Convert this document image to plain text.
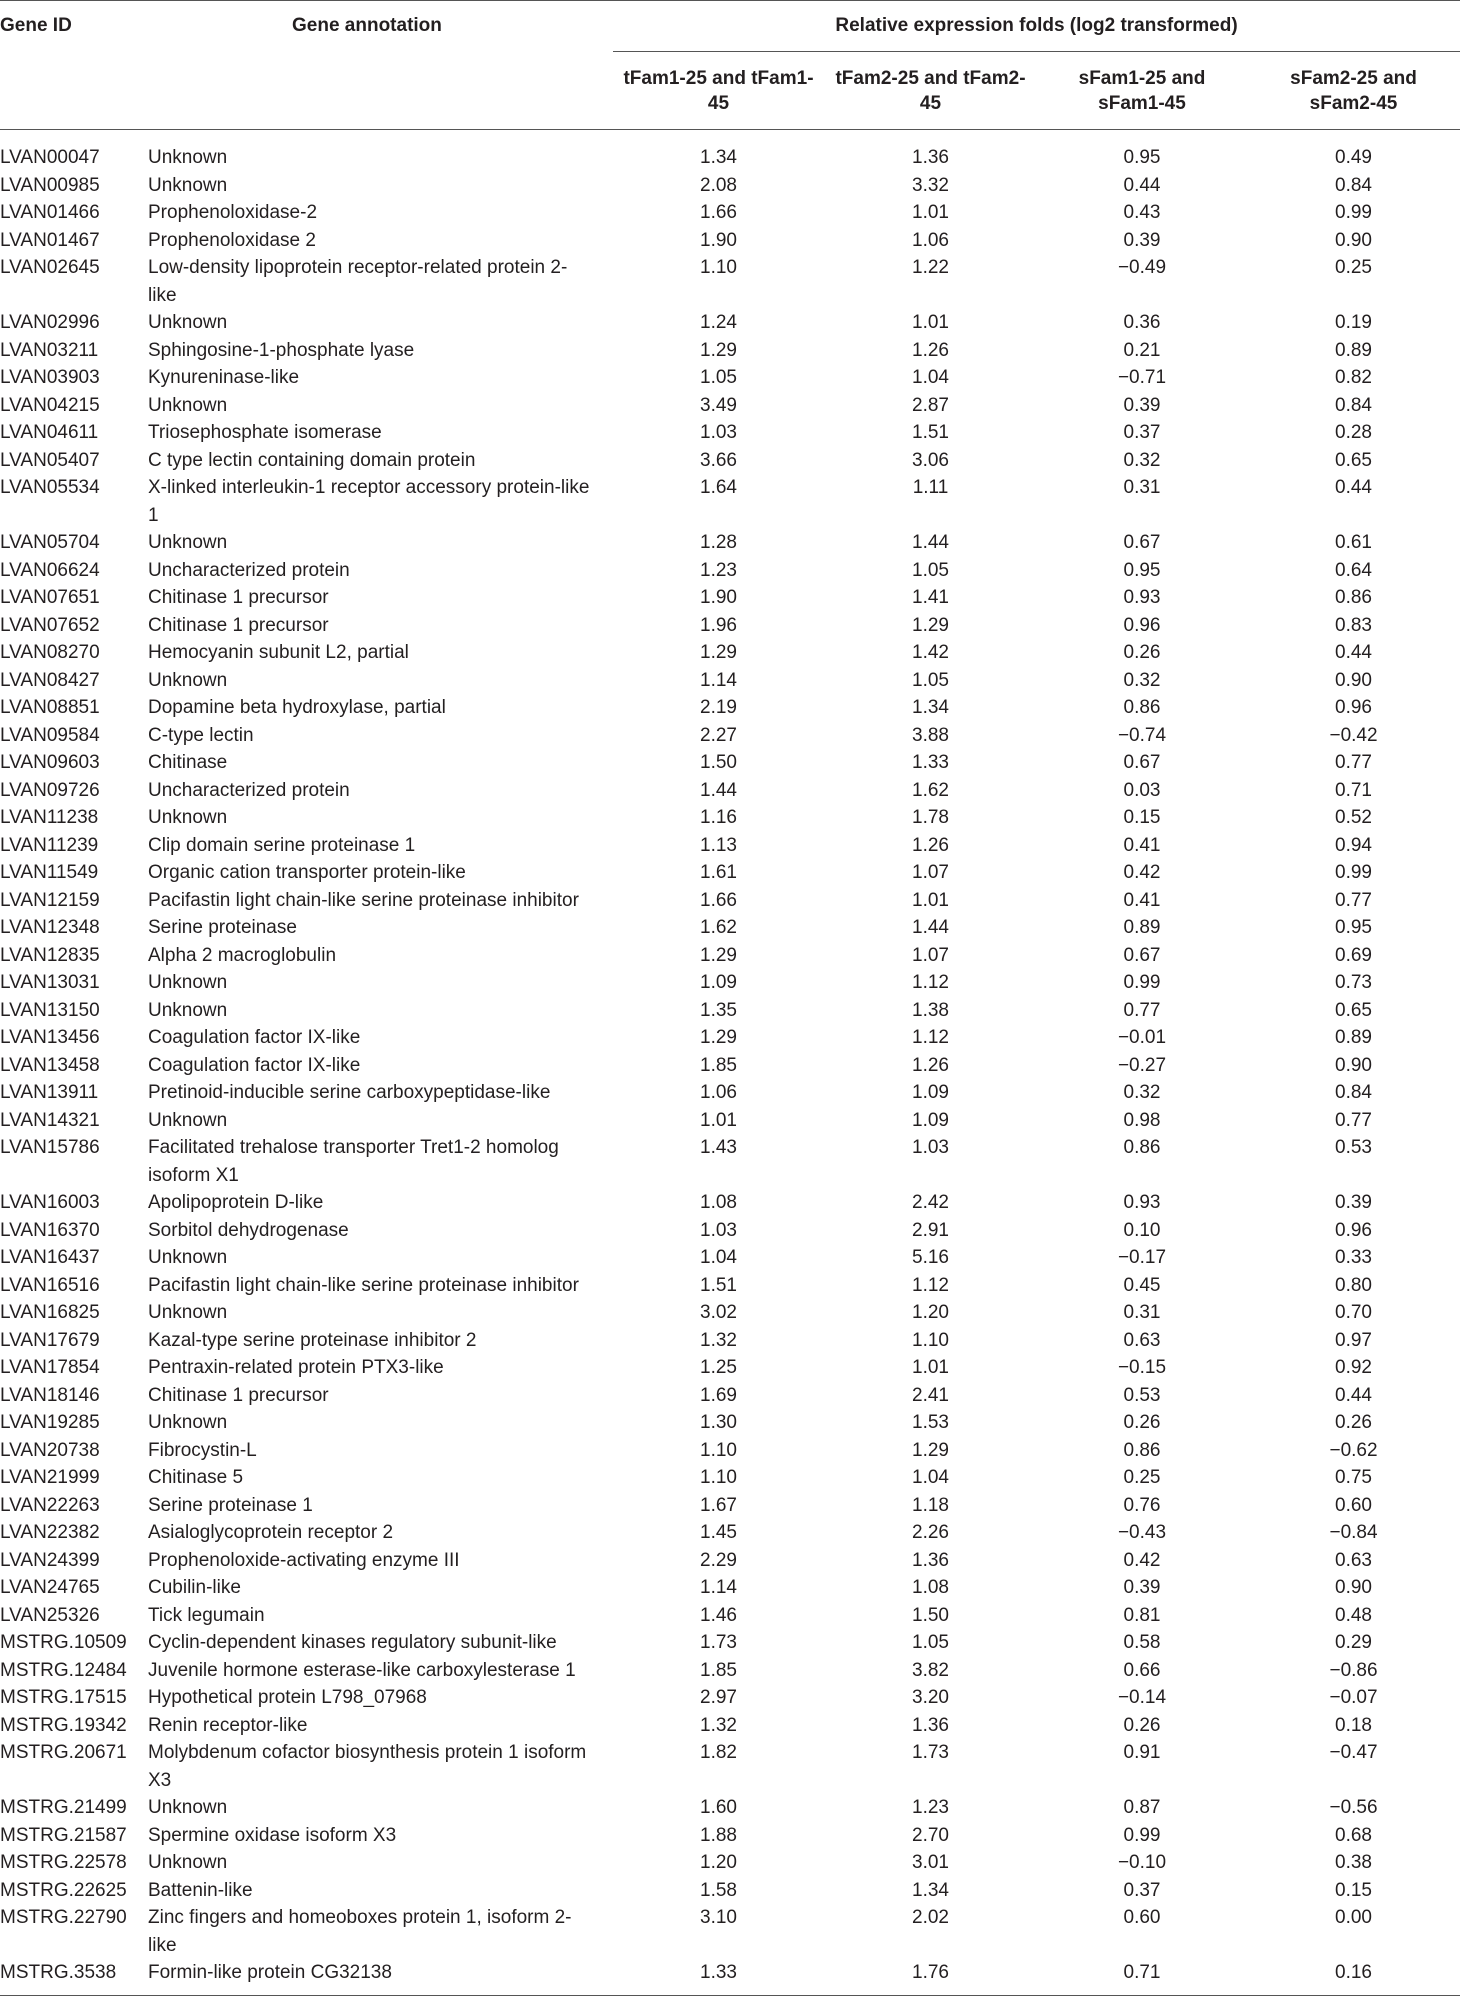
Gene ID	Gene annotation	Relative expression folds (log2 transformed)			
		tFam1-25 and tFam1-45	tFam2-25 and tFam2-45	sFam1-25 and sFam1-45	sFam2-25 and sFam2-45
LVAN00047	Unknown	1.34	1.36	0.95	0.49
LVAN00985	Unknown	2.08	3.32	0.44	0.84
LVAN01466	Prophenoloxidase-2	1.66	1.01	0.43	0.99
LVAN01467	Prophenoloxidase 2	1.90	1.06	0.39	0.90
LVAN02645	Low-density lipoprotein receptor-related protein 2-like	1.10	1.22	−0.49	0.25
LVAN02996	Unknown	1.24	1.01	0.36	0.19
LVAN03211	Sphingosine-1-phosphate lyase	1.29	1.26	0.21	0.89
LVAN03903	Kynureninase-like	1.05	1.04	−0.71	0.82
LVAN04215	Unknown	3.49	2.87	0.39	0.84
LVAN04611	Triosephosphate isomerase	1.03	1.51	0.37	0.28
LVAN05407	C type lectin containing domain protein	3.66	3.06	0.32	0.65
LVAN05534	X-linked interleukin-1 receptor accessory protein-like 1	1.64	1.11	0.31	0.44
LVAN05704	Unknown	1.28	1.44	0.67	0.61
LVAN06624	Uncharacterized protein	1.23	1.05	0.95	0.64
LVAN07651	Chitinase 1 precursor	1.90	1.41	0.93	0.86
LVAN07652	Chitinase 1 precursor	1.96	1.29	0.96	0.83
LVAN08270	Hemocyanin subunit L2, partial	1.29	1.42	0.26	0.44
LVAN08427	Unknown	1.14	1.05	0.32	0.90
LVAN08851	Dopamine beta hydroxylase, partial	2.19	1.34	0.86	0.96
LVAN09584	C-type lectin	2.27	3.88	−0.74	−0.42
LVAN09603	Chitinase	1.50	1.33	0.67	0.77
LVAN09726	Uncharacterized protein	1.44	1.62	0.03	0.71
LVAN11238	Unknown	1.16	1.78	0.15	0.52
LVAN11239	Clip domain serine proteinase 1	1.13	1.26	0.41	0.94
LVAN11549	Organic cation transporter protein-like	1.61	1.07	0.42	0.99
LVAN12159	Pacifastin light chain-like serine proteinase inhibitor	1.66	1.01	0.41	0.77
LVAN12348	Serine proteinase	1.62	1.44	0.89	0.95
LVAN12835	Alpha 2 macroglobulin	1.29	1.07	0.67	0.69
LVAN13031	Unknown	1.09	1.12	0.99	0.73
LVAN13150	Unknown	1.35	1.38	0.77	0.65
LVAN13456	Coagulation factor IX-like	1.29	1.12	−0.01	0.89
LVAN13458	Coagulation factor IX-like	1.85	1.26	−0.27	0.90
LVAN13911	Pretinoid-inducible serine carboxypeptidase-like	1.06	1.09	0.32	0.84
LVAN14321	Unknown	1.01	1.09	0.98	0.77
LVAN15786	Facilitated trehalose transporter Tret1-2 homolog isoform X1	1.43	1.03	0.86	0.53
LVAN16003	Apolipoprotein D-like	1.08	2.42	0.93	0.39
LVAN16370	Sorbitol dehydrogenase	1.03	2.91	0.10	0.96
LVAN16437	Unknown	1.04	5.16	−0.17	0.33
LVAN16516	Pacifastin light chain-like serine proteinase inhibitor	1.51	1.12	0.45	0.80
LVAN16825	Unknown	3.02	1.20	0.31	0.70
LVAN17679	Kazal-type serine proteinase inhibitor 2	1.32	1.10	0.63	0.97
LVAN17854	Pentraxin-related protein PTX3-like	1.25	1.01	−0.15	0.92
LVAN18146	Chitinase 1 precursor	1.69	2.41	0.53	0.44
LVAN19285	Unknown	1.30	1.53	0.26	0.26
LVAN20738	Fibrocystin-L	1.10	1.29	0.86	−0.62
LVAN21999	Chitinase 5	1.10	1.04	0.25	0.75
LVAN22263	Serine proteinase 1	1.67	1.18	0.76	0.60
LVAN22382	Asialoglycoprotein receptor 2	1.45	2.26	−0.43	−0.84
LVAN24399	Prophenoloxide-activating enzyme III	2.29	1.36	0.42	0.63
LVAN24765	Cubilin-like	1.14	1.08	0.39	0.90
LVAN25326	Tick legumain	1.46	1.50	0.81	0.48
MSTRG.10509	Cyclin-dependent kinases regulatory subunit-like	1.73	1.05	0.58	0.29
MSTRG.12484	Juvenile hormone esterase-like carboxylesterase 1	1.85	3.82	0.66	−0.86
MSTRG.17515	Hypothetical protein L798_07968	2.97	3.20	−0.14	−0.07
MSTRG.19342	Renin receptor-like	1.32	1.36	0.26	0.18
MSTRG.20671	Molybdenum cofactor biosynthesis protein 1 isoform X3	1.82	1.73	0.91	−0.47
MSTRG.21499	Unknown	1.60	1.23	0.87	−0.56
MSTRG.21587	Spermine oxidase isoform X3	1.88	2.70	0.99	0.68
MSTRG.22578	Unknown	1.20	3.01	−0.10	0.38
MSTRG.22625	Battenin-like	1.58	1.34	0.37	0.15
MSTRG.22790	Zinc fingers and homeoboxes protein 1, isoform 2-like	3.10	2.02	0.60	0.00
MSTRG.3538	Formin-like protein CG32138	1.33	1.76	0.71	0.16
